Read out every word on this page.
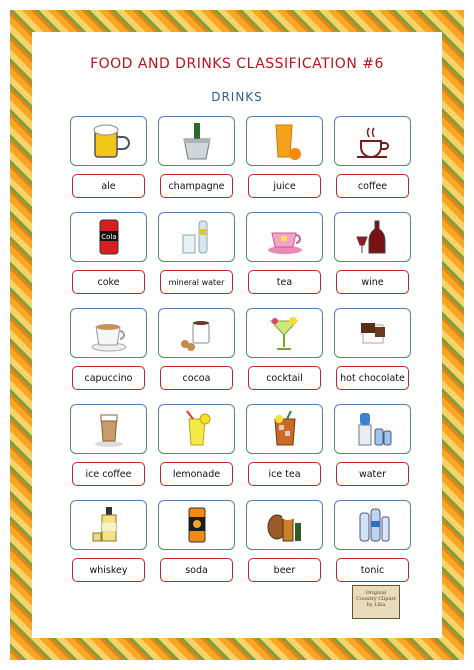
FOOD AND DRINKS CLASSIFICATION #6
DRINKS
ale	champagne	juice	coffee
Cola
coke	mineral water	tea	wine
capuccino	cocoa	cocktail	hot chocolate
ice coffee	lemonade	ice tea	water
whiskey	soda	beer	tonic
Original
Country Clipart
by Lilia
